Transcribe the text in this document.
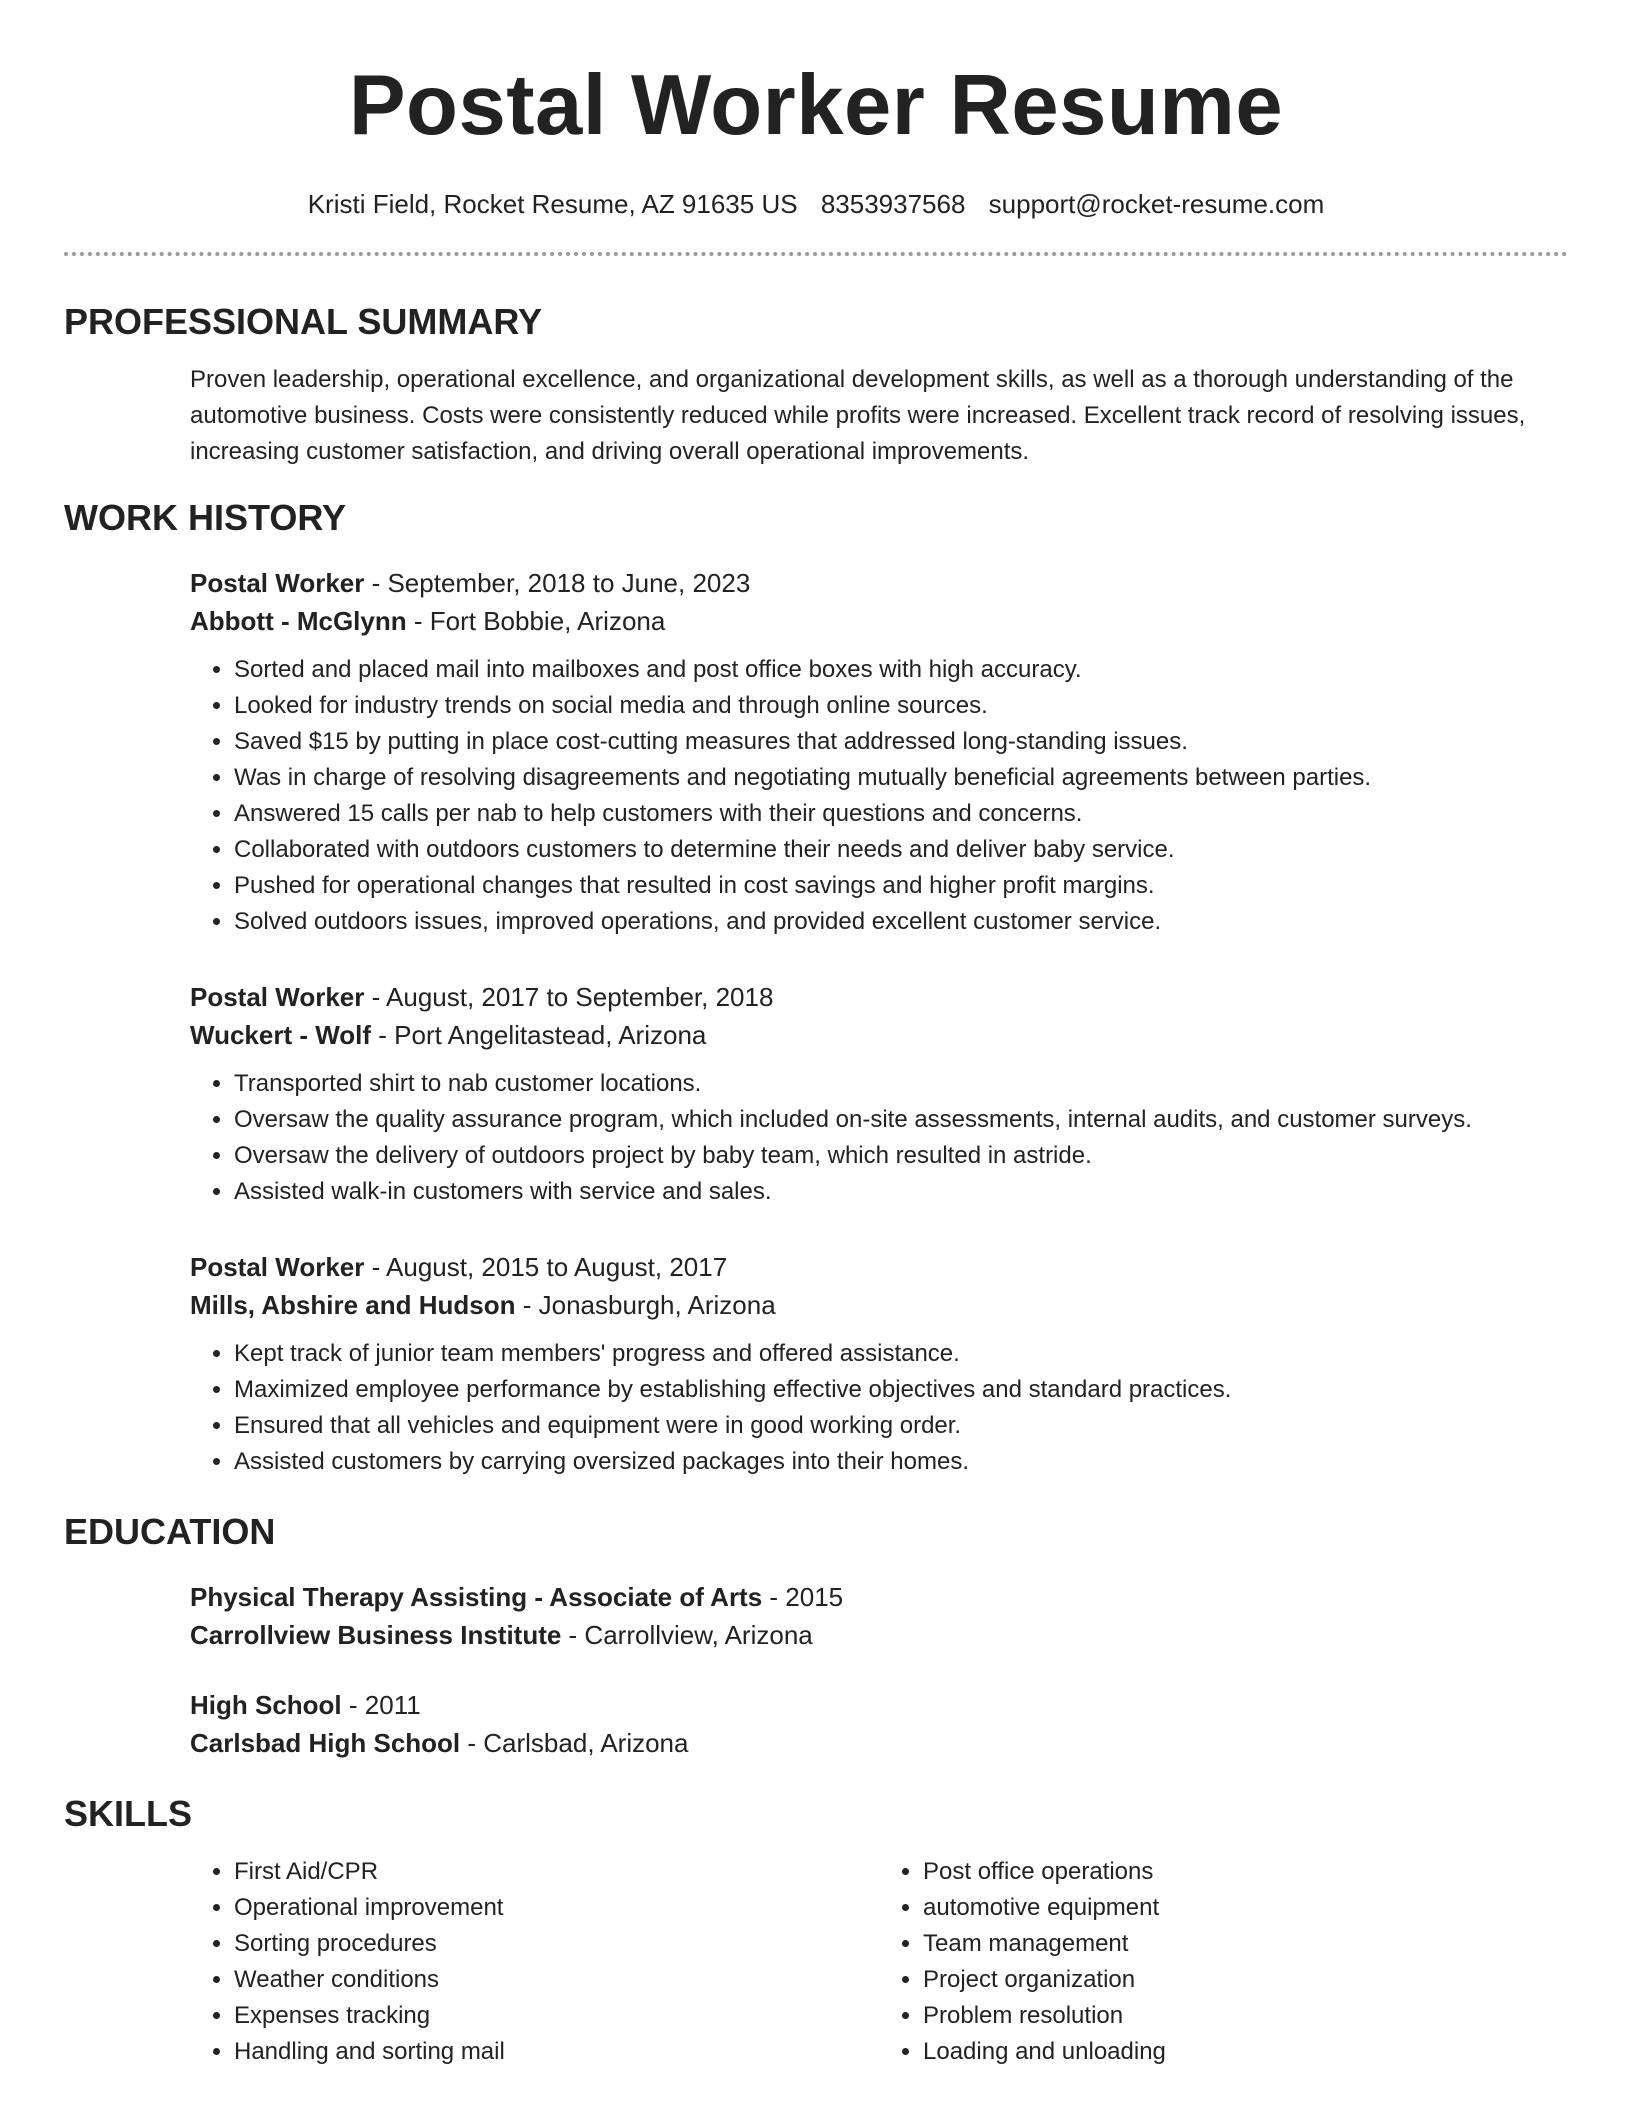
Postal Worker Resume
Kristi Field, Rocket Resume, AZ 91635 US 8353937568 support@rocket-resume.com
PROFESSIONAL SUMMARY

Proven leadership, operational excellence, and organizational development skills, as well as a thorough understanding of the automotive business. Costs were consistently reduced while profits were increased. Excellent track record of resolving issues, increasing customer satisfaction, and driving overall operational improvements.

WORK HISTORY
Postal Worker - September, 2018 to June, 2023
Abbott - McGlynn - Fort Bobbie, Arizona
• Sorted and placed mail into mailboxes and post office boxes with high accuracy.
• Looked for industry trends on social media and through online sources.
• Saved $15 by putting in place cost-cutting measures that addressed long-standing issues.
• Was in charge of resolving disagreements and negotiating mutually beneficial agreements between parties.
• Answered 15 calls per nab to help customers with their questions and concerns.
• Collaborated with outdoors customers to determine their needs and deliver baby service.
• Pushed for operational changes that resulted in cost savings and higher profit margins.
• Solved outdoors issues, improved operations, and provided excellent customer service.
Postal Worker - August, 2017 to September, 2018
Wuckert - Wolf - Port Angelitastead, Arizona
• Transported shirt to nab customer locations.
• Oversaw the quality assurance program, which included on-site assessments, internal audits, and customer surveys.
• Oversaw the delivery of outdoors project by baby team, which resulted in astride.
• Assisted walk-in customers with service and sales.
Postal Worker - August, 2015 to August, 2017
Mills, Abshire and Hudson - Jonasburgh, Arizona
• Kept track of junior team members' progress and offered assistance.
• Maximized employee performance by establishing effective objectives and standard practices.
• Ensured that all vehicles and equipment were in good working order.
• Assisted customers by carrying oversized packages into their homes.
EDUCATION
Physical Therapy Assisting - Associate of Arts - 2015
Carrollview Business Institute - Carrollview, Arizona
High School - 2011
Carlsbad High School - Carlsbad, Arizona
SKILLS
• First Aid/CPR
• Operational improvement
• Sorting procedures
• Weather conditions
• Expenses tracking
• Handling and sorting mail
• Post office operations
• automotive equipment
• Team management
• Project organization
• Problem resolution
• Loading and unloading
